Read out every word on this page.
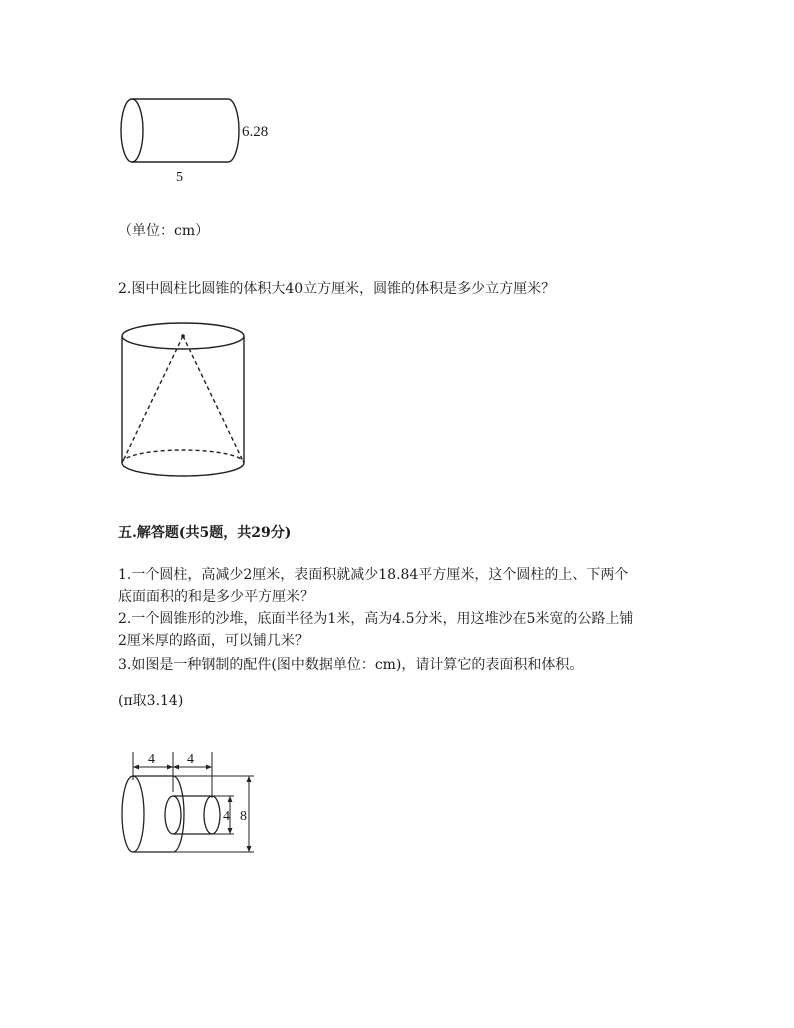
6.28
5
（单位：cm）
2.图中圆柱比圆锥的体积大40立方厘米，圆锥的体积是多少立方厘米？
五.解答题(共5题，共29分)
1.一个圆柱，高减少2厘米，表面积就减少18.84平方厘米，这个圆柱的上、下两个
底面面积的和是多少平方厘米？
2.一个圆锥形的沙堆，底面半径为1米，高为4.5分米，用这堆沙在5米宽的公路上铺
2厘米厚的路面，可以铺几米？
3.如图是一种钢制的配件(图中数据单位：cm)，请计算它的表面积和体积。
(π取3.14)
4 4
4 8
